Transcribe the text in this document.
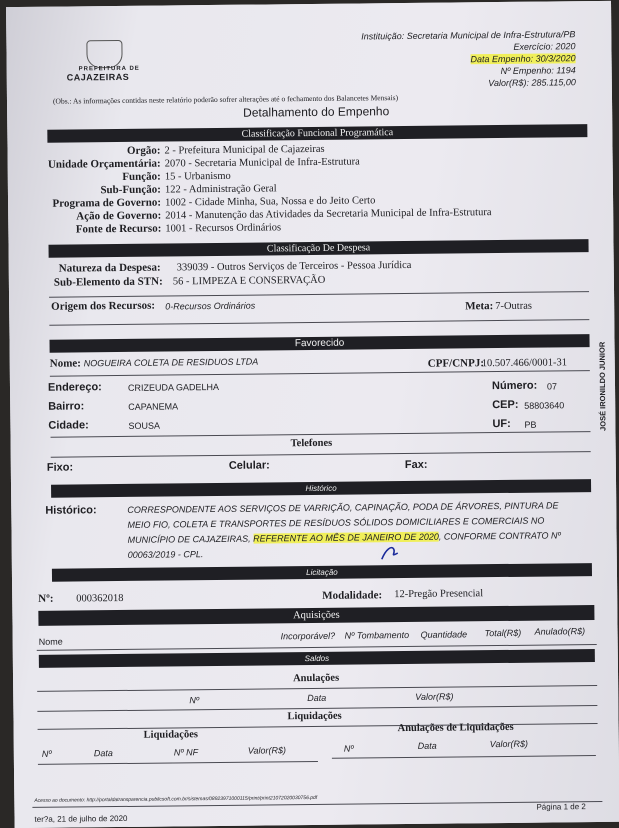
PREFEITURA DE
CAJAZEIRAS
Instituição: Secretaria Municipal de Infra-Estrutura/PB
Exercício: 2020
Data Empenho: 30/3/2020
Nº Empenho: 1194
Valor(R$): 285.115,00
(Obs.: As informações contidas neste relatório poderão sofrer alterações até o fechamento dos Balancetes Mensais)
Detalhamento do Empenho
Classificação Funcional Programática
Orgão: 2 - Prefeitura Municipal de Cajazeiras
Unidade Orçamentária: 2070 - Secretaria Municipal de Infra-Estrutura
Função: 15 - Urbanismo
Sub-Função: 122 - Administração Geral
Programa de Governo: 1002 - Cidade Minha, Sua, Nossa e do Jeito Certo
Ação de Governo: 2014 - Manutenção das Atividades da Secretaria Municipal de Infra-Estrutura
Fonte de Recurso: 1001 - Recursos Ordinários
Classificação De Despesa
Natureza da Despesa: 339039 - Outros Serviços de Terceiros - Pessoa Jurídica
Sub-Elemento da STN: 56 - LIMPEZA E CONSERVAÇÃO
Origem dos Recursos: 0-Recursos Ordinários	Meta: 7-Outras
Favorecido
Nome: NOGUEIRA COLETA DE RESIDUOS LTDA	CPF/CNPJ:
10.507.466/0001-31
Endereço:	CRIZEUDA GADELHA	Número: 07
Bairro:	CAPANEMA	CEP: 58803640
Cidade:	SOUSA	UF: PB
Telefones
Fixo:	Celular:	Fax:
Histórico
Histórico:	CORRESPONDENTE AOS SERVIÇOS DE VARRIÇÃO, CAPINAÇÃO, PODA DE ÁRVORES, PINTURA DE
MEIO FIO, COLETA E TRANSPORTES DE RESÍDUOS SÓLIDOS DOMICILIARES E COMERCIAIS NO
MUNICÍPIO DE CAJAZEIRAS, REFERENTE AO MÊS DE JANEIRO DE 2020, CONFORME CONTRATO Nº
00063/2019 - CPL.
Licitação
Nº: 000362018	Modalidade: 12-Pregão Presencial
Aquisições
Nome
Incorporável? Nº Tombamento Quantidade Total(R$) Anulado(R$)
Saldos
Anulações
Nº	Data	Valor(R$)
Liquidações
Liquidações
Anulações de Liquidações
Nº	Data	Nº NF	Valor(R$)	Nº	Data	Valor(R$)
Acesso ao documento: http://portaldatransparencia.publicsoft.com.br/sistemas/08923971000115/print/print21072020030756.pdf
ter?a, 21 de julho de 2020
Página 1 de 2
JOSÉ IRONILDO JUNIOR
